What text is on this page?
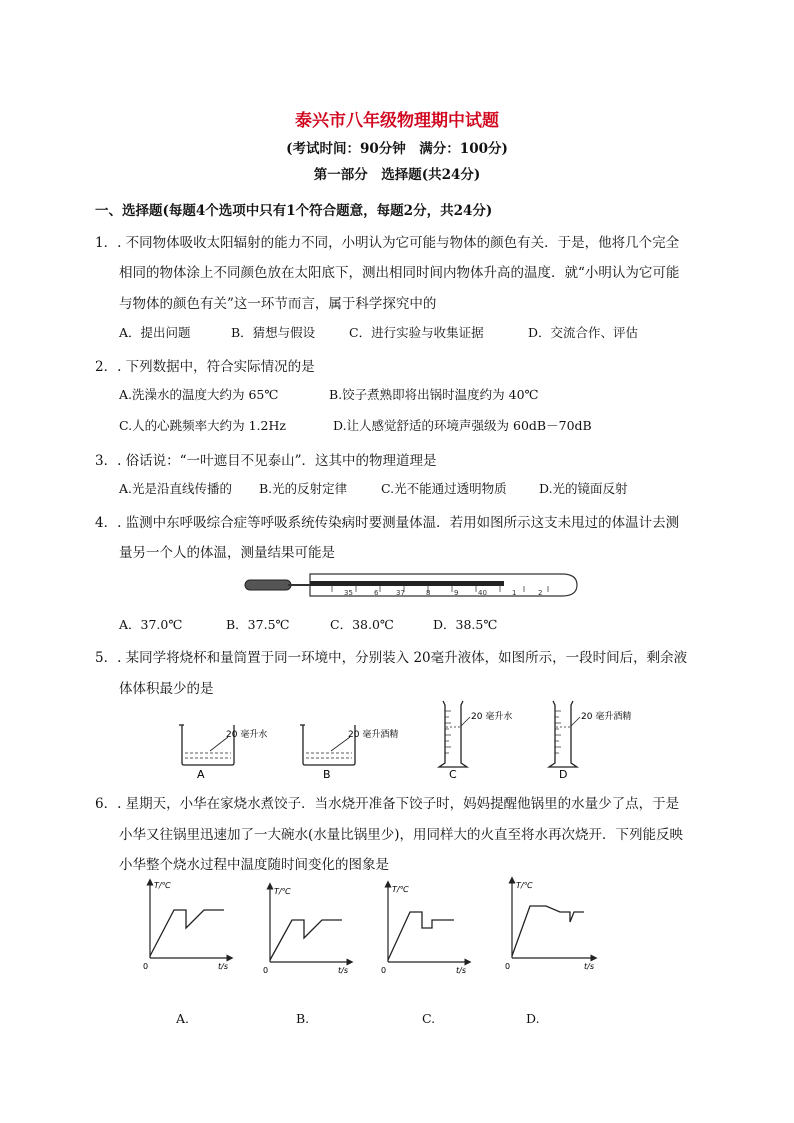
泰兴市八年级物理期中试题
(考试时间：90分钟　满分：100分)
第一部分　选择题(共24分)
一、选择题(每题4个选项中只有1个符合题意，每题2分，共24分)
1．. 不同物体吸收太阳辐射的能力不同，小明认为它可能与物体的颜色有关．于是，他将几个完全
相同的物体涂上不同颜色放在太阳底下，测出相同时间内物体升高的温度．就“小明认为它可能
与物体的颜色有关”这一环节而言，属于科学探究中的
A．提出问题	B．猜想与假设	C．进行实验与收集证据	D．交流合作、评估
2．. 下列数据中，符合实际情况的是
A.洗澡水的温度大约为 65℃	B.饺子煮熟即将出锅时温度约为 40℃
C.人的心跳频率大约为 1.2Hz	D.让人感觉舒适的环境声强级为 60dB－70dB
3．. 俗话说：“一叶遮目不见泰山”．这其中的物理道理是
A.光是沿直线传播的 B.光的反射定律	C.光不能通过透明物质	D.光的镜面反射
4．. 监测中东呼吸综合症等呼吸系统传染病时要测量体温．若用如图所示这支未甩过的体温计去测
量另一个人的体温，测量结果可能是
35	6	37	8	9	40	1	2
A．37.0℃	B．37.5℃	C．38.0℃	D．38.5℃
5．. 某同学将烧杯和量筒置于同一环境中，分别装入 20毫升液体，如图所示，一段时间后，剩余液
体体积最少的是
20 毫升水
A
20 毫升酒精
B
20 毫升水
C
20 毫升酒精
D
6．. 星期天，小华在家烧水煮饺子．当水烧开准备下饺子时，妈妈提醒他锅里的水量少了点，于是
小华又往锅里迅速加了一大碗水(水量比锅里少)，用同样大的火直至将水再次烧开．下列能反映
小华整个烧水过程中温度随时间变化的图象是
T/℃
t/s
0
T/℃
t/s
0
T/℃
t/s
0
T/℃
t/s
0
A.	B.	C.	D.
